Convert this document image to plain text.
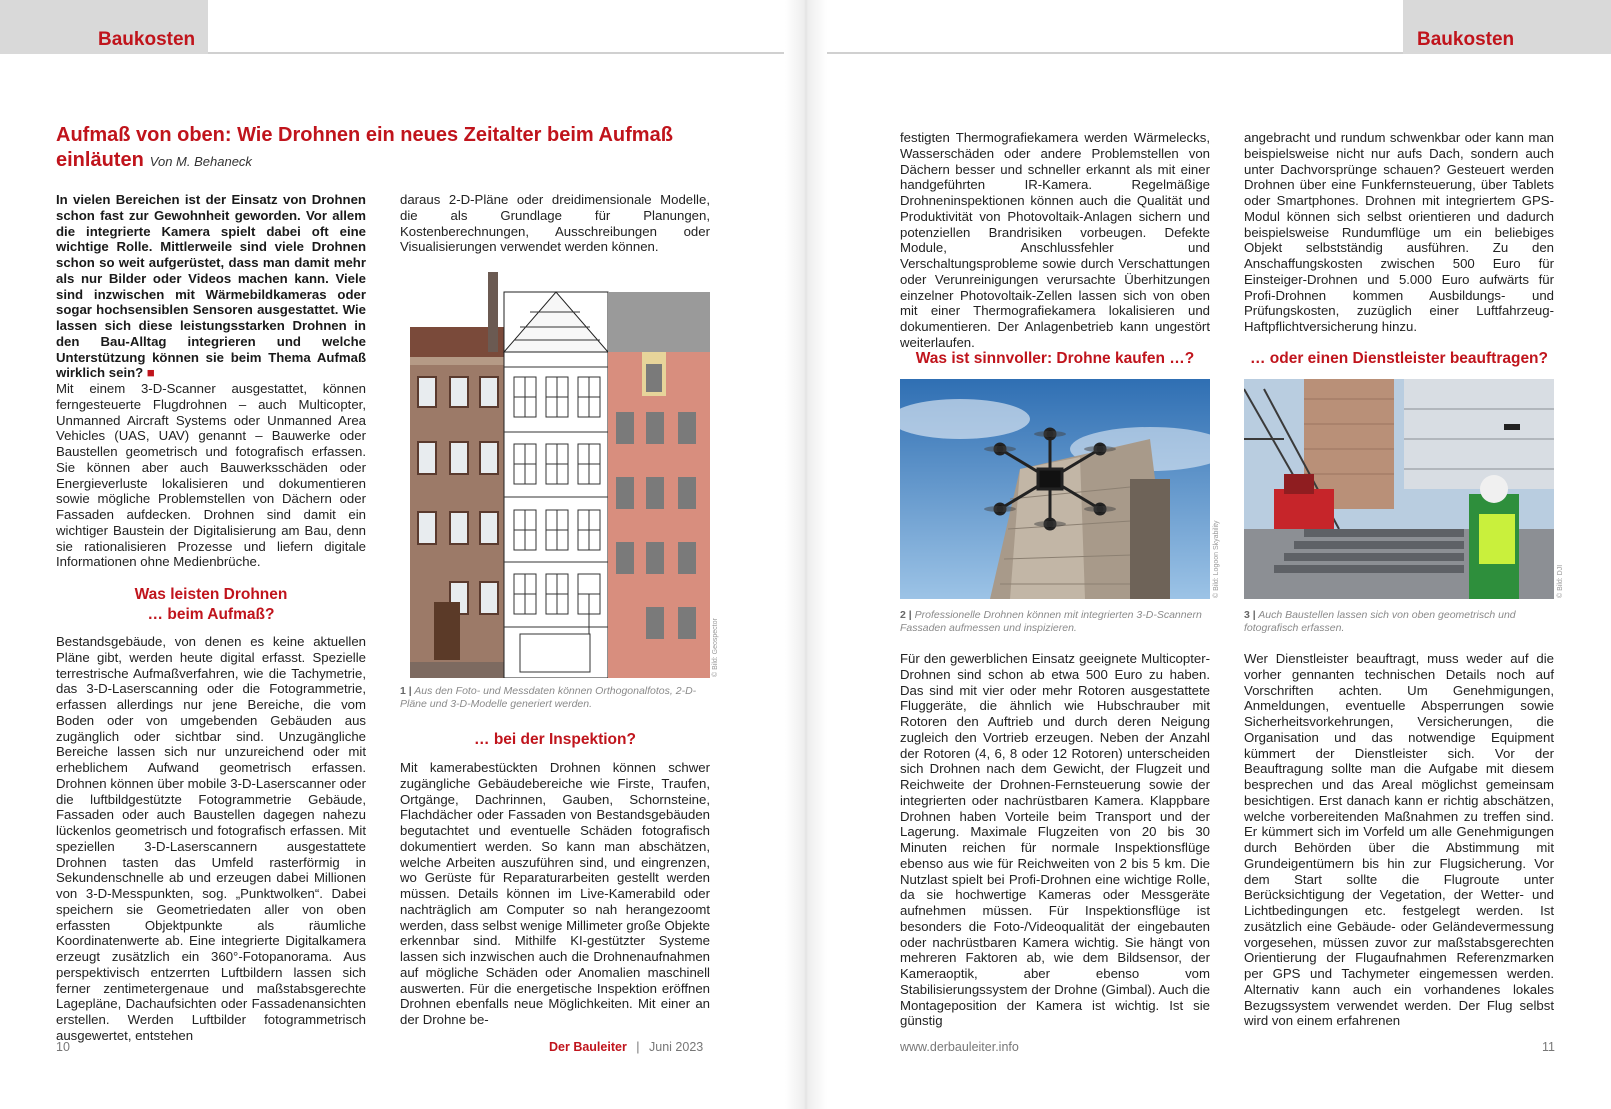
Baukosten	Baukosten
Aufmaß von oben: Wie Drohnen ein neues Zeitalter beim Aufmaß einläuten Von M. Behaneck

In vielen Bereichen ist der Einsatz von Drohnen schon fast zur Gewohnheit geworden. Vor allem die integrierte Kamera spielt dabei oft eine wichtige Rolle. Mittlerweile sind viele Drohnen schon so weit aufgerüstet, dass man damit mehr als nur Bilder oder Videos machen kann. Viele sind inzwischen mit Wärmebildkameras oder sogar hochsensiblen Sensoren ausgestattet. Wie lassen sich diese leistungsstarken Drohnen in den Bau-Alltag integrieren und welche Unterstützung können sie beim Thema Aufmaß wirklich sein? ■

Mit einem 3-D-Scanner ausgestattet, können ferngesteuerte Flugdrohnen – auch Multicopter, Unmanned Aircraft Systems oder Unmanned Area Vehicles (UAS, UAV) genannt – Bauwerke oder Baustellen geometrisch und fotografisch erfassen. Sie können aber auch Bauwerksschäden oder Energieverluste lokalisieren und dokumentieren sowie mögliche Problemstellen von Dächern oder Fassaden aufdecken. Drohnen sind damit ein wichtiger Baustein der Digitalisierung am Bau, denn sie rationalisieren Prozesse und liefern digitale Informationen ohne Medienbrüche.

Was leisten Drohnen
… beim Aufmaß?

Bestandsgebäude, von denen es keine aktuellen Pläne gibt, werden heute digital erfasst. Spezielle terrestrische Aufmaßverfahren, wie die Tachymetrie, das 3-D-Laserscanning oder die Fotogrammetrie, erfassen allerdings nur jene Bereiche, die vom Boden oder von umgebenden Gebäuden aus zugänglich oder sichtbar sind. Unzugängliche Bereiche lassen sich nur unzureichend oder mit erheblichem Aufwand geometrisch erfassen. Drohnen können über mobile 3-D-Laserscanner oder die luftbildgestützte Fotogrammetrie Gebäude, Fassaden oder auch Baustellen dagegen nahezu lückenlos geometrisch und fotografisch erfassen. Mit speziellen 3-D-Laserscannern ausgestattete Drohnen tasten das Umfeld rasterförmig in Sekundenschnelle ab und erzeugen dabei Millionen von 3-D-Messpunkten, sog. „Punktwolken“. Dabei speichern sie Geometriedaten aller von oben erfassten Objektpunkte als räumliche Koordinatenwerte ab. Eine integrierte Digitalkamera erzeugt zusätzlich ein 360°-Fotopanorama. Aus perspektivisch entzerrten Luftbildern lassen sich ferner zentimetergenaue und maßstabsgerechte Lagepläne, Dachaufsichten oder Fassadenansichten erstellen. Werden Luftbilder fotogrammetrisch ausgewertet, entstehen

daraus 2-D-Pläne oder dreidimensionale Modelle, die als Grundlage für Planungen, Kostenberechnungen, Ausschreibungen oder Visualisierungen verwendet werden können.

© Bild: Geospector

1 | Aus den Foto- und Messdaten können Orthogonalfotos, 2-D-Pläne und 3-D-Modelle generiert werden.

… bei der Inspektion?

Mit kamerabestückten Drohnen können schwer zugängliche Gebäudebereiche wie Firste, Traufen, Ortgänge, Dachrinnen, Gauben, Schornsteine, Flachdächer oder Fassaden von Bestandsgebäuden begutachtet und eventuelle Schäden fotografisch dokumentiert werden. So kann man abschätzen, welche Arbeiten auszuführen sind, und eingrenzen, wo Gerüste für Reparaturarbeiten gestellt werden müssen. Details können im Live-Kamerabild oder nachträglich am Computer so nah herangezoomt werden, dass selbst wenige Millimeter große Objekte erkennbar sind. Mithilfe KI-gestützter Systeme lassen sich inzwischen auch die Drohnenaufnahmen auf mögliche Schäden oder Anomalien maschinell auswerten. Für die energetische Inspektion eröffnen Drohnen ebenfalls neue Möglichkeiten. Mit einer an der Drohne be-

festigten Thermografiekamera werden Wärmelecks, Wasserschäden oder andere Problemstellen von Dächern besser und schneller erkannt als mit einer handgeführten IR-Kamera. Regelmäßige Drohneninspektionen können auch die Qualität und Produktivität von Photovoltaik-Anlagen sichern und potenziellen Brandrisiken vorbeugen. Defekte Module, Anschlussfehler und Verschaltungsprobleme sowie durch Verschattungen oder Verunreinigungen verursachte Überhitzungen einzelner Photovoltaik-Zellen lassen sich von oben mit einer Thermografiekamera lokalisieren und dokumentieren. Der Anlagenbetrieb kann ungestört weiterlaufen.

Was ist sinnvoller: Drohne kaufen …?
© Bild: Logoon Skyability

2 | Professionelle Drohnen können mit integrierten 3-D-Scannern Fassaden aufmessen und inspizieren.

Für den gewerblichen Einsatz geeignete Multicopter-Drohnen sind schon ab etwa 500 Euro zu haben. Das sind mit vier oder mehr Rotoren ausgestattete Fluggeräte, die ähnlich wie Hubschrauber mit Rotoren den Auftrieb und durch deren Neigung zugleich den Vortrieb erzeugen. Neben der Anzahl der Rotoren (4, 6, 8 oder 12 Rotoren) unterscheiden sich Drohnen nach dem Gewicht, der Flugzeit und Reichweite der Drohnen-Fernsteuerung sowie der integrierten oder nachrüstbaren Kamera. Klappbare Drohnen haben Vorteile beim Transport und der Lagerung. Maximale Flugzeiten von 20 bis 30 Minuten reichen für normale Inspektionsflüge ebenso aus wie für Reichweiten von 2 bis 5 km. Die Nutzlast spielt bei Profi-Drohnen eine wichtige Rolle, da sie hochwertige Kameras oder Messgeräte aufnehmen müssen. Für Inspektionsflüge ist besonders die Foto-/Videoqualität der eingebauten oder nachrüstbaren Kamera wichtig. Sie hängt von mehreren Faktoren ab, wie dem Bildsensor, der Kameraoptik, aber ebenso vom Stabilisierungssystem der Drohne (Gimbal). Auch die Montageposition der Kamera ist wichtig. Ist sie günstig

angebracht und rundum schwenkbar oder kann man beispielsweise nicht nur aufs Dach, sondern auch unter Dachvorsprünge schauen? Gesteuert werden Drohnen über eine Funkfernsteuerung, über Tablets oder Smartphones. Drohnen mit integriertem GPS-Modul können sich selbst orientieren und dadurch beispielsweise Rundumflüge um ein beliebiges Objekt selbstständig ausführen. Zu den Anschaffungskosten zwischen 500 Euro für Einsteiger-Drohnen und 5.000 Euro aufwärts für Profi-Drohnen kommen Ausbildungs- und Prüfungskosten, zuzüglich einer Luftfahrzeug-Haftpflichtversicherung hinzu.

… oder einen Dienstleister beauftragen?
© Bild: DJI

3 | Auch Baustellen lassen sich von oben geometrisch und fotografisch erfassen.

Wer Dienstleister beauftragt, muss weder auf die vorher gennanten technischen Details noch auf Vorschriften achten. Um Genehmigungen, Anmeldungen, eventuelle Absperrungen sowie Sicherheitsvorkehrungen, Versicherungen, die Organisation und das notwendige Equipment kümmert der Dienstleister sich. Vor der Beauftragung sollte man die Aufgabe mit diesem besprechen und das Areal möglichst gemeinsam besichtigen. Erst danach kann er richtig abschätzen, welche vorbereitenden Maßnahmen zu treffen sind. Er kümmert sich im Vorfeld um alle Genehmigungen durch Behörden über die Abstimmung mit Grundeigentümern bis hin zur Flugsicherung. Vor dem Start sollte die Flugroute unter Berücksichtigung der Vegetation, der Wetter- und Lichtbedingungen etc. festgelegt werden. Ist zusätzlich eine Gebäude- oder Geländevermessung vorgesehen, müssen zuvor zur maßstabsgerechten Orientierung der Flugaufnahmen Referenzmarken per GPS und Tachymeter eingemessen werden. Alternativ kann auch ein vorhandenes lokales Bezugssystem verwendet werden. Der Flug selbst wird von einem erfahrenen

10	Der Bauleiter | Juni 2023	www.derbauleiter.info	11
